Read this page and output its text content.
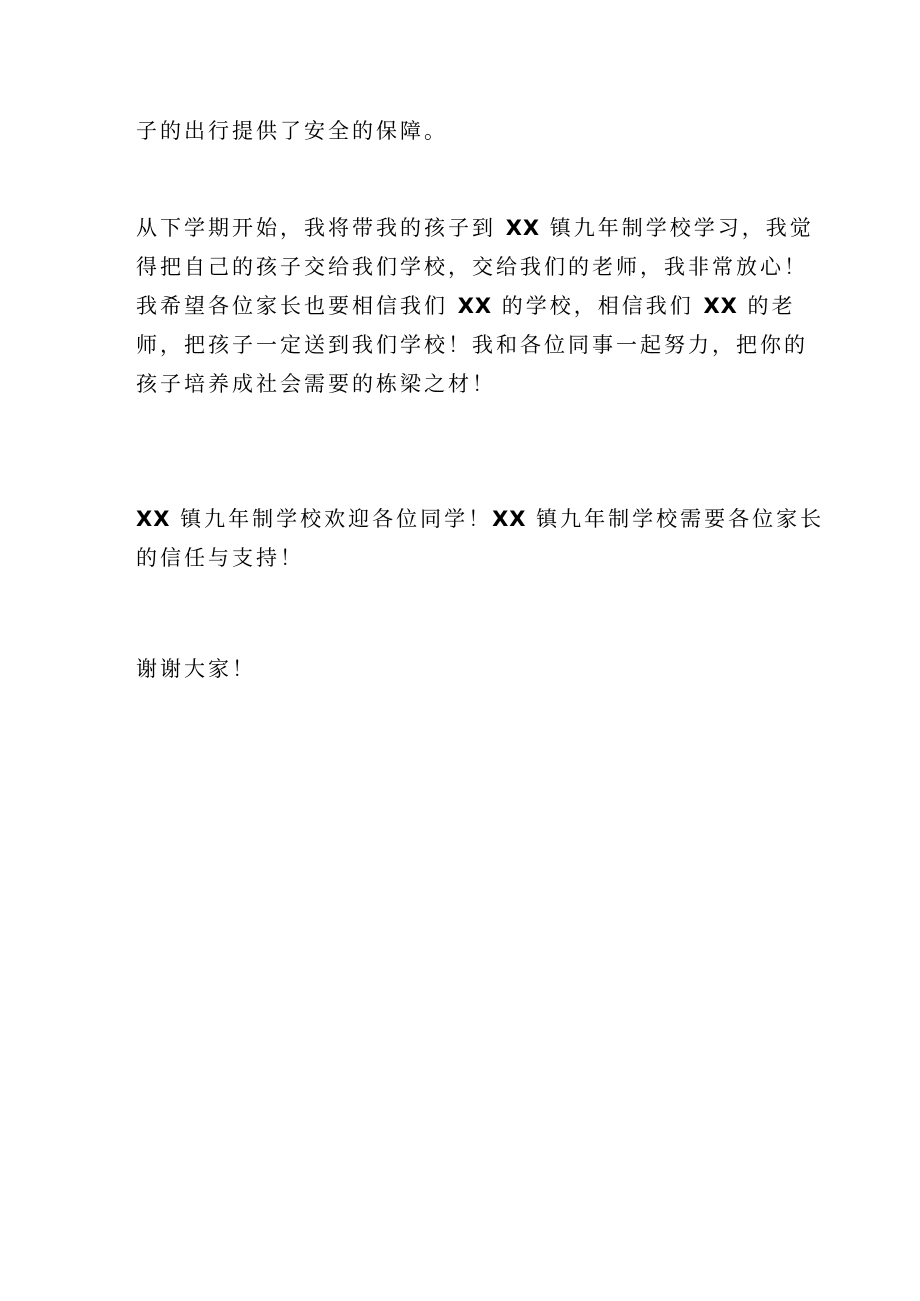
子的出行提供了安全的保障。
从下学期开始，我将带我的孩子到 XX 镇九年制学校学习，我觉
得把自己的孩子交给我们学校，交给我们的老师，我非常放心！
我希望各位家长也要相信我们 XX 的学校，相信我们 XX 的老
师，把孩子一定送到我们学校！我和各位同事一起努力，把你的
孩子培养成社会需要的栋梁之材！
XX 镇九年制学校欢迎各位同学！XX 镇九年制学校需要各位家长
的信任与支持！
谢谢大家！
